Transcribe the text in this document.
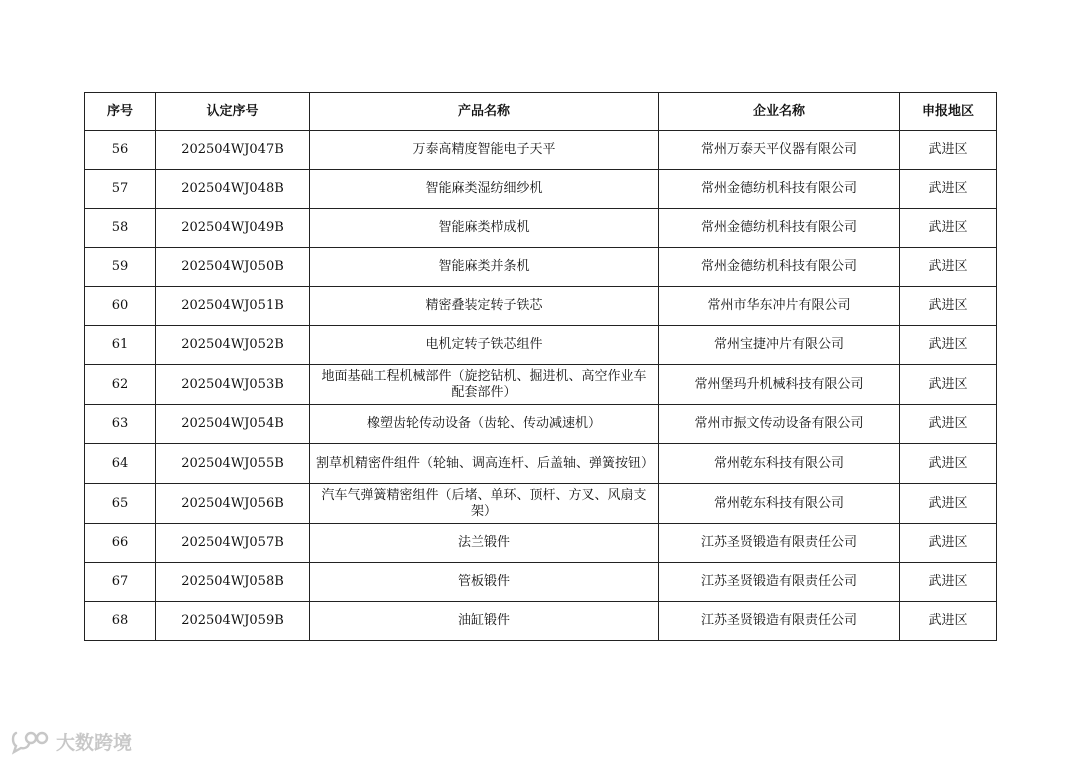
序号	认定序号	产品名称	企业名称	申报地区
56	202504WJ047B	万泰高精度智能电子天平	常州万泰天平仪器有限公司	武进区
57	202504WJ048B	智能麻类湿纺细纱机	常州金德纺机科技有限公司	武进区
58	202504WJ049B	智能麻类栉成机	常州金德纺机科技有限公司	武进区
59	202504WJ050B	智能麻类并条机	常州金德纺机科技有限公司	武进区
60	202504WJ051B	精密叠装定转子铁芯	常州市华东冲片有限公司	武进区
61	202504WJ052B	电机定转子铁芯组件	常州宝捷冲片有限公司	武进区
62	202504WJ053B	地面基础工程机械部件（旋挖钻机、掘进机、高空作业车配套部件）	常州堡玛升机械科技有限公司	武进区
63	202504WJ054B	橡塑齿轮传动设备（齿轮、传动减速机）	常州市振文传动设备有限公司	武进区
64	202504WJ055B	割草机精密件组件（轮轴、调高连杆、后盖轴、弹簧按钮）	常州乾东科技有限公司	武进区
65	202504WJ056B	汽车气弹簧精密组件（后堵、单环、顶杆、方叉、风扇支架）	常州乾东科技有限公司	武进区
66	202504WJ057B	法兰锻件	江苏圣贤锻造有限责任公司	武进区
67	202504WJ058B	管板锻件	江苏圣贤锻造有限责任公司	武进区
68	202504WJ059B	油缸锻件	江苏圣贤锻造有限责任公司	武进区
大数跨境
